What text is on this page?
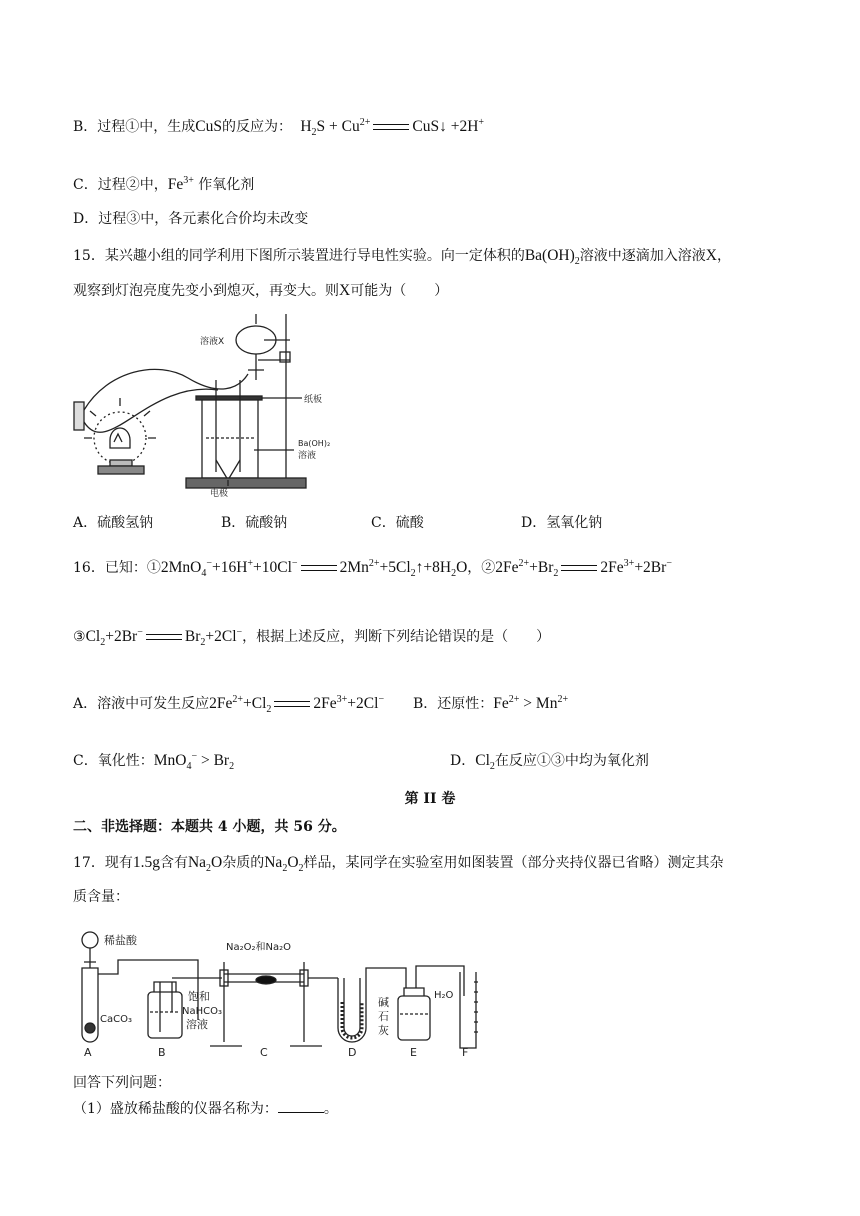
B．过程①中，生成CuS的反应为：  $H_2S + Cu^{2+}$	CuS↓ +2H+
C．过程②中，$Fe^{3+}$ 作氧化剂
D．过程③中，各元素化合价均未改变
15．某兴趣小组的同学利用下图所示装置进行导电性实验。向一定体积的$Ba(OH)_2$溶液中逐滴加入溶液X，
观察到灯泡亮度先变小到熄灭，再变大。则X可能为（　　）
溶液X
纸板
Ba(OH)₂
溶液
电极
A．硫酸氢钠	B．硫酸钠	C．硫酸	D．氢氧化钠
16．已知：①2MnO$_4$−+16H++10Cl−	$2Mn^{2+}+5Cl_2↑+8H_2O$，$②2Fe^{2+}+Br_2$	$2Fe^{3+}+2Br^-$
$③Cl_2+2Br^-$	$Br_2+2Cl^-$，根据上述反应，判断下列结论错误的是（　　）
A．溶液中可发生反应$2Fe^{2+}+Cl_2$	$2Fe^{3+}+2Cl^-$ B．还原性：$Fe^{2+} > Mn^{2+}$
C．氧化性：$MnO_4^- > Br_2$	D．$Cl_2$在反应①③中均为氧化剂
第 II 卷
二、非选择题：本题共 4 小题，共 56 分。
17．现有1.5g含有$Na_2O$杂质的$Na_2O_2$样品，某同学在实验室用如图装置（部分夹持仪器已省略）测定其杂
质含量：
稀盐酸
Na₂O₂和Na₂O
CaCO₃
饱和
NaHCO₃
溶液
碱
石
灰
H₂O
A	B	C	D	E	F
回答下列问题：
（1）盛放稀盐酸的仪器名称为：	。
